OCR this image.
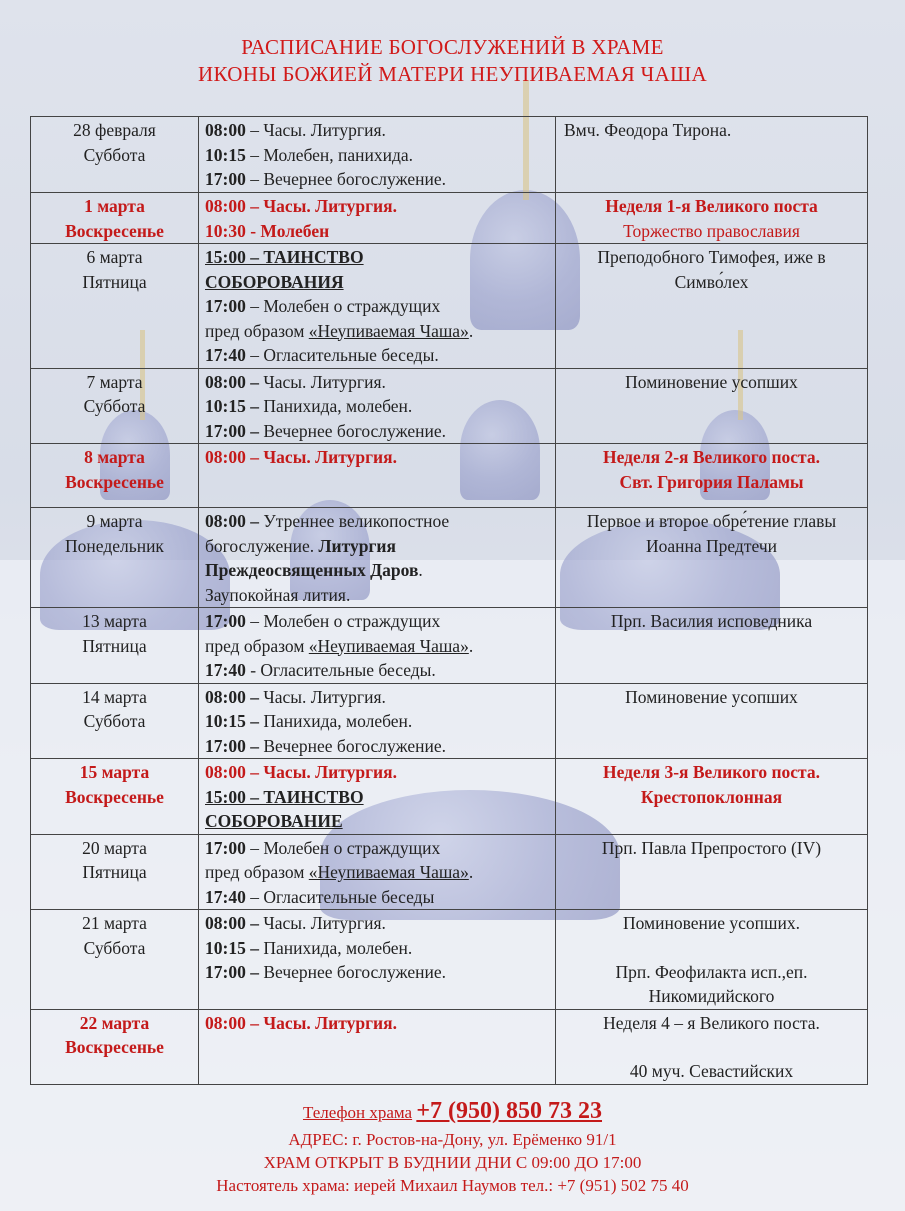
РАСПИСАНИЕ БОГОСЛУЖЕНИЙ В ХРАМЕ
ИКОНЫ БОЖИЕЙ МАТЕРИ НЕУПИВАЕМАЯ ЧАША
28 февраля
Суббота	08:00 – Часы. Литургия.
10:15 – Молебен, панихида.
17:00 – Вечернее богослужение.	Вмч. Феодора Тирона.
1 марта
Воскресенье	08:00 – Часы. Литургия.
10:30 - Молебен	Неделя 1-я Великого поста
Торжество православия
6 марта
Пятница	15:00 – ТАИНСТВО
СОБОРОВАНИЯ
17:00 – Молебен о страждущих
пред образом «Неупиваемая Чаша».
17:40 – Огласительные беседы.	Преподобного Тимофея, иже в Симво́лех
7 марта
Суббота	08:00 – Часы. Литургия.
10:15 – Панихида, молебен.
17:00 – Вечернее богослужение.	Поминовение усопших
8 марта
Воскресенье	08:00 – Часы. Литургия.	Неделя 2-я Великого поста.
Свт. Григория Паламы
9 марта
Понедельник	08:00 – Утреннее великопостное
богослужение. Литургия
Преждеосвященных Даров.
Заупокойная лития.	Первое и второе обре́тение главы Иоанна Предтечи
13 марта
Пятница	17:00 – Молебен о страждущих
пред образом «Неупиваемая Чаша».
17:40 - Огласительные беседы.	Прп. Василия исповедника
14 марта
Суббота	08:00 – Часы. Литургия.
10:15 – Панихида, молебен.
17:00 – Вечернее богослужение.	Поминовение усопших
15 марта
Воскресенье	08:00 – Часы. Литургия.
15:00 – ТАИНСТВО
СОБОРОВАНИЕ	Неделя 3-я Великого поста.
Крестопоклонная
20 марта
Пятница	17:00 – Молебен о страждущих
пред образом «Неупиваемая Чаша».
17:40 – Огласительные беседы	Прп. Павла Препростого (IV)
21 марта
Суббота	08:00 – Часы. Литургия.
10:15 – Панихида, молебен.
17:00 – Вечернее богослужение.	Поминовение усопших.
Прп. Феофилакта исп.,еп.
Никомидийского
22 марта
Воскресенье	08:00 – Часы. Литургия.	Неделя 4 – я Великого поста.
40 муч. Севастийских
Телефон храма +7 (950) 850 73 23
АДРЕС: г. Ростов-на-Дону, ул. Ерёменко 91/1
ХРАМ ОТКРЫТ В БУДНИИ ДНИ С 09:00 ДО 17:00
Настоятель храма: иерей Михаил Наумов тел.: +7 (951) 502 75 40
